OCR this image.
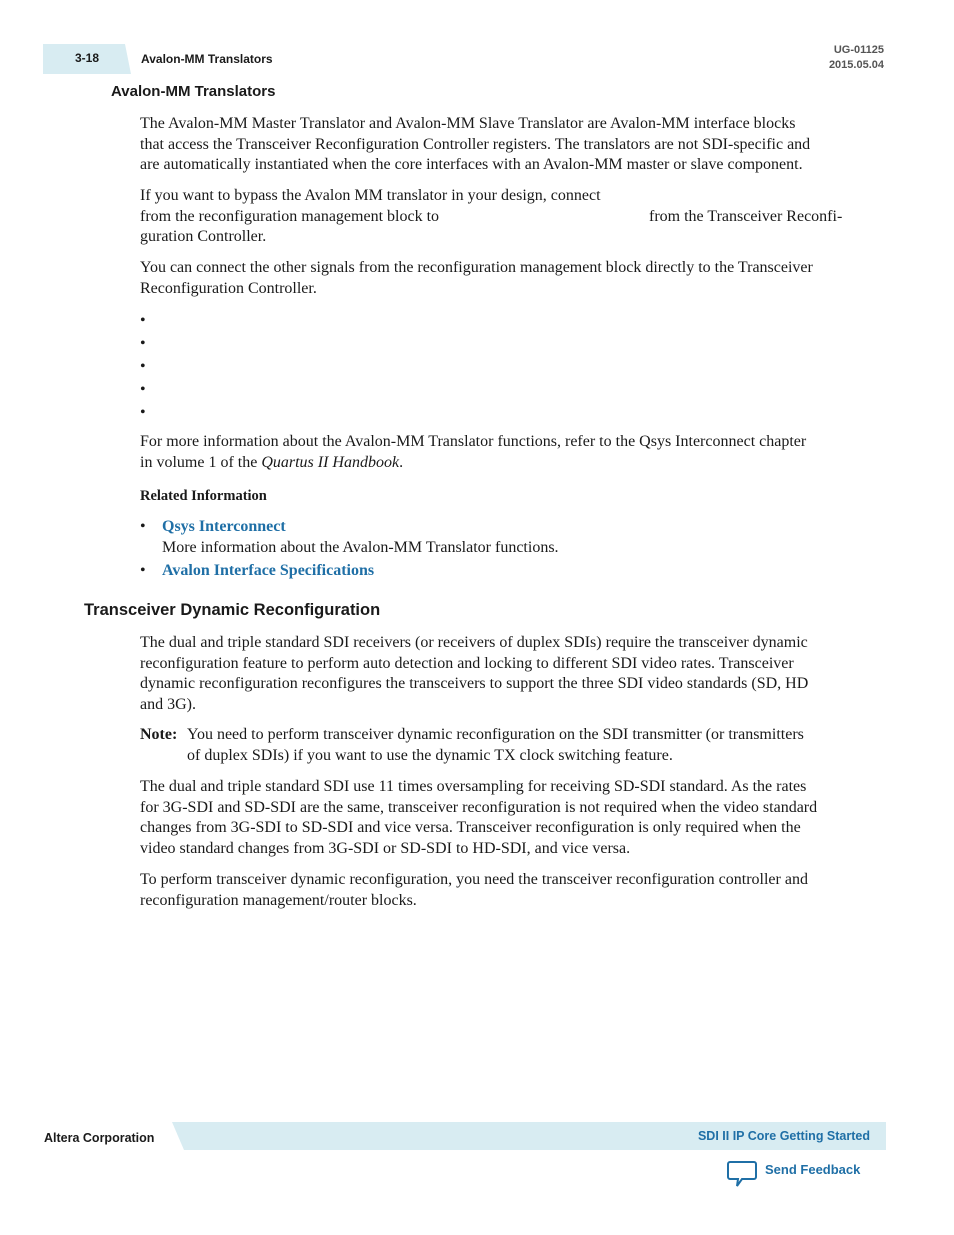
3-18	Avalon-MM Translators
UG-01125
2015.05.04
Avalon-MM Translators
The Avalon-MM Master Translator and Avalon-MM Slave Translator are Avalon-MM interface blocks
that access the Transceiver Reconfiguration Controller registers. The translators are not SDI-specific and
are automatically instantiated when the core interfaces with an Avalon-MM master or slave component.
If you want to bypass the Avalon MM translator in your design, connect
from the reconfiguration management block to	from the Transceiver Reconfi-
guration Controller.
You can connect the other signals from the reconfiguration management block directly to the Transceiver
Reconfiguration Controller.
•
•
•
•
•
For more information about the Avalon-MM Translator functions, refer to the Qsys Interconnect chapter
in volume 1 of the Quartus II Handbook.
Related Information
• Qsys Interconnect
More information about the Avalon-MM Translator functions.
• Avalon Interface Specifications
Transceiver Dynamic Reconfiguration
The dual and triple standard SDI receivers (or receivers of duplex SDIs) require the transceiver dynamic
reconfiguration feature to perform auto detection and locking to different SDI video rates. Transceiver
dynamic reconfiguration reconfigures the transceivers to support the three SDI video standards (SD, HD
and 3G).
Note: You need to perform transceiver dynamic reconfiguration on the SDI transmitter (or transmitters
of duplex SDIs) if you want to use the dynamic TX clock switching feature.
The dual and triple standard SDI use 11 times oversampling for receiving SD-SDI standard. As the rates
for 3G-SDI and SD-SDI are the same, transceiver reconfiguration is not required when the video standard
changes from 3G-SDI to SD-SDI and vice versa. Transceiver reconfiguration is only required when the
video standard changes from 3G-SDI or SD-SDI to HD-SDI, and vice versa.
To perform transceiver dynamic reconfiguration, you need the transceiver reconfiguration controller and
reconfiguration management/router blocks.
Altera Corporation	SDI II IP Core Getting Started
Send Feedback
